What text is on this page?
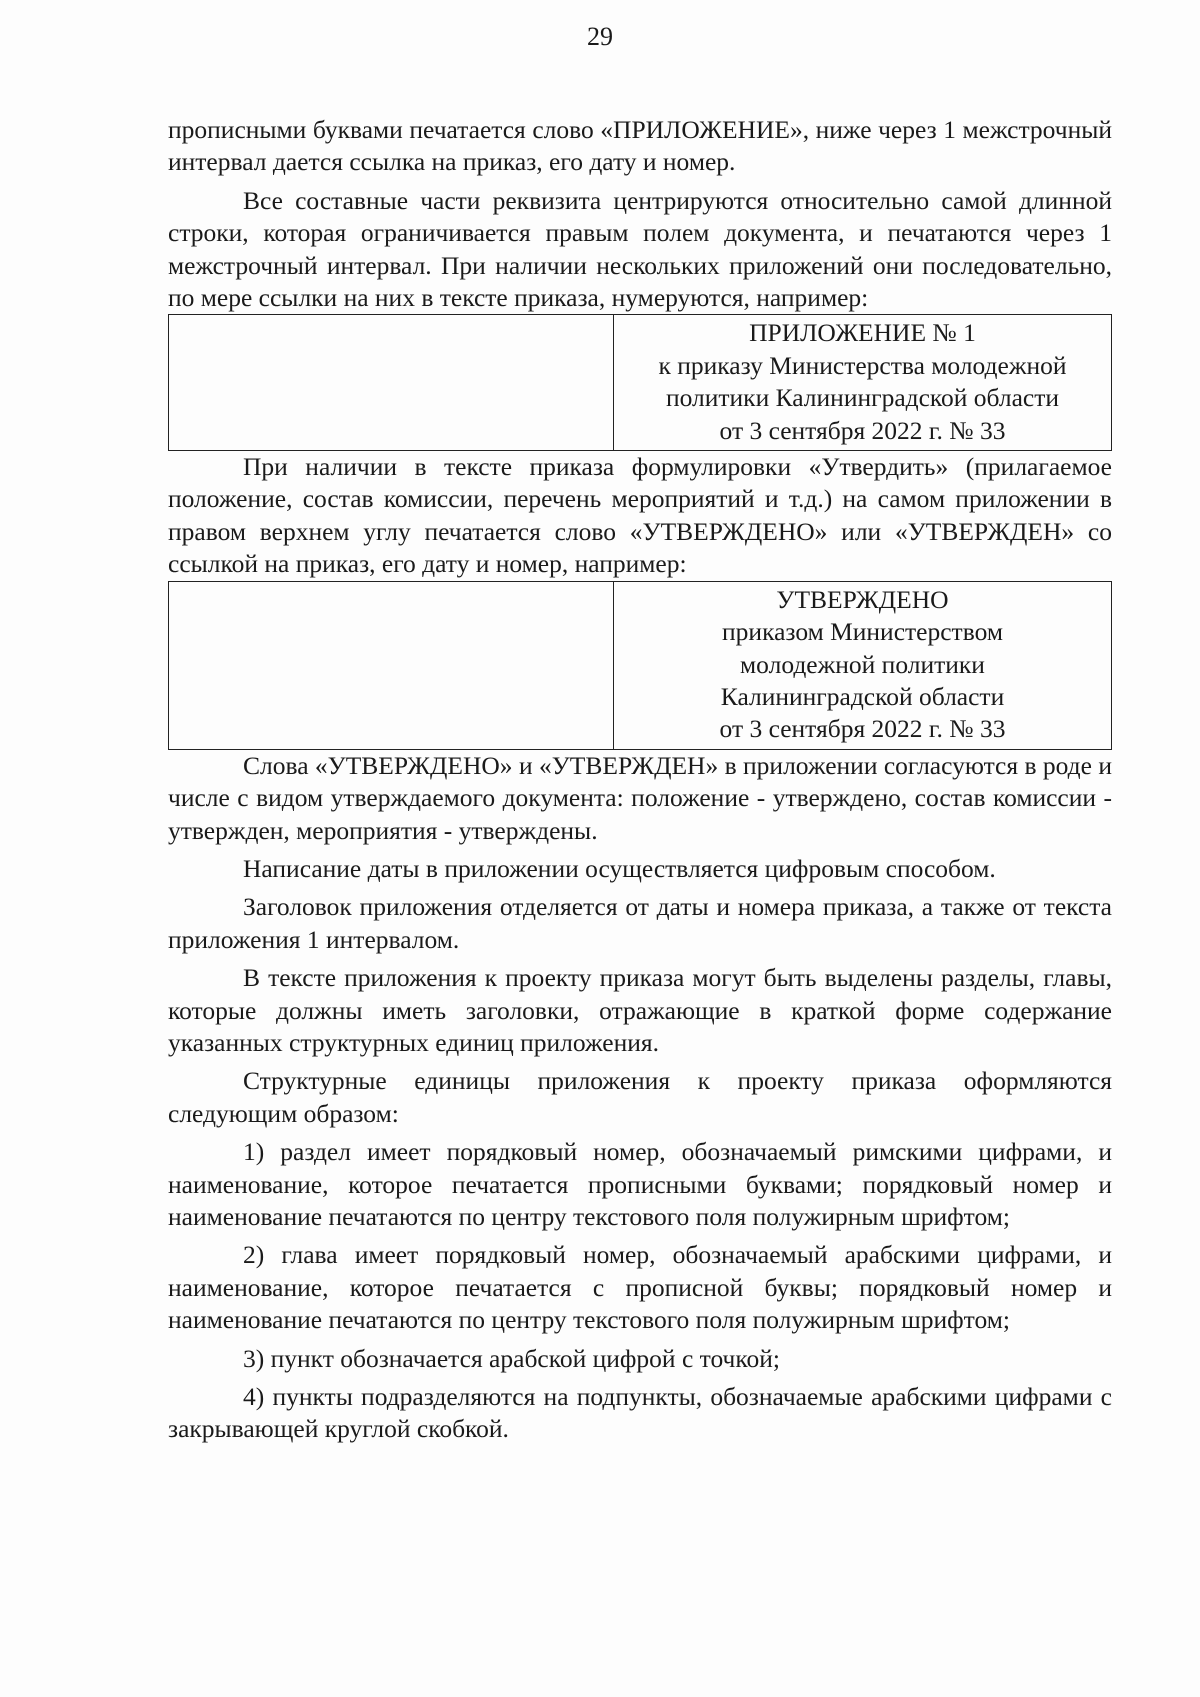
29

прописными буквами печатается слово «ПРИЛОЖЕНИЕ», ниже через 1 межстрочный интервал дается ссылка на приказ, его дату и номер.

Все составные части реквизита центрируются относительно самой длинной строки, которая ограничивается правым полем документа, и печатаются через 1 межстрочный интервал. При наличии нескольких приложений они последовательно, по мере ссылки на них в тексте приказа, нумеруются, например:

ПРИЛОЖЕНИЕ № 1
к приказу Министерства молодежной
политики Калининградской области
от 3 сентября 2022 г. № 33

При наличии в тексте приказа формулировки «Утвердить» (прилагаемое положение, состав комиссии, перечень мероприятий и т.д.) на самом приложении в правом верхнем углу печатается слово «УТВЕРЖДЕНО» или «УТВЕРЖДЕН» со ссылкой на приказ, его дату и номер, например:

УТВЕРЖДЕНО
приказом Министерством
молодежной политики
Калининградской области
от 3 сентября 2022 г. № 33

Слова «УТВЕРЖДЕНО» и «УТВЕРЖДЕН» в приложении согласуются в роде и числе с видом утверждаемого документа: положение - утверждено, состав комиссии - утвержден, мероприятия - утверждены.

Написание даты в приложении осуществляется цифровым способом.

Заголовок приложения отделяется от даты и номера приказа, а также от текста приложения 1 интервалом.

В тексте приложения к проекту приказа могут быть выделены разделы, главы, которые должны иметь заголовки, отражающие в краткой форме содержание указанных структурных единиц приложения.

Структурные единицы приложения к проекту приказа оформляются следующим образом:

1) раздел имеет порядковый номер, обозначаемый римскими цифрами, и наименование, которое печатается прописными буквами; порядковый номер и наименование печатаются по центру текстового поля полужирным шрифтом;

2) глава имеет порядковый номер, обозначаемый арабскими цифрами, и наименование, которое печатается с прописной буквы; порядковый номер и наименование печатаются по центру текстового поля полужирным шрифтом;

3) пункт обозначается арабской цифрой с точкой;

4) пункты подразделяются на подпункты, обозначаемые арабскими цифрами с закрывающей круглой скобкой.
